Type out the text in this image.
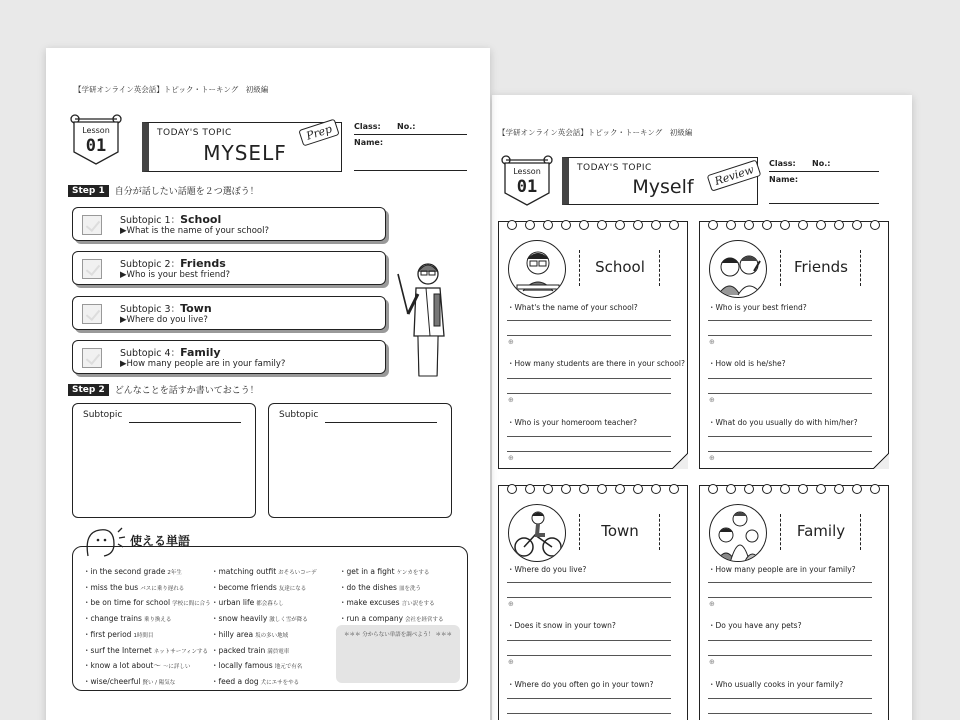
【学研オンライン英会話】トピック・トーキング　初級編
Lesson
01
TODAY'S TOPIC
Myself	Review	Class: No.:
Name:
School
・What's the name of your school?
⊕
・How many students are there in your school?
⊕
・Who is your homeroom teacher?
⊕
Friends
・Who is your best friend?
⊕
・How old is he/she?
⊕
・What do you usually do with him/her?
⊕
Town
・Where do you live?
⊕
・Does it snow in your town?
⊕
・Where do you often go in your town?
Family
・How many people are in your family?
⊕
・Do you have any pets?
⊕
・Who usually cooks in your family?
【学研オンライン英会話】トピック・トーキング　初級編
Lesson
01
TODAY'S TOPIC
MYSELF
Prep	Class: No.:
Name:
Step 1	自分が話したい話題を２つ選ぼう！
Subtopic 1：School
▶What is the name of your school?
Subtopic 2：Friends
▶Who is your best friend?
Subtopic 3：Town
▶Where do you live?
Subtopic 4：Family
▶How many people are in your family?
Step 2	どんなことを話すか書いておこう！
Subtopic	Subtopic
使える単語
・in the second grade 2年生
・miss the bus バスに乗り遅れる
・be on time for school 学校に間に合う
・change trains 乗り換える
・first period 1時間目
・surf the Internet ネットサーフィンする
・know a lot about〜 〜に詳しい
・wise/cheerful 賢い / 陽気な
・matching outfit おそろいコーデ
・become friends 友達になる
・urban life 都会暮らし
・snow heavily 激しく雪が降る
・hilly area 坂の多い地域
・packed train 満員電車
・locally famous 地元で有名
・feed a dog 犬にエサをやる
・get in a fight ケンカをする
・do the dishes 皿を洗う
・make excuses 言い訳をする
・run a company 会社を経営する
＊＊＊ 分からない単語を調べよう！ ＊＊＊
